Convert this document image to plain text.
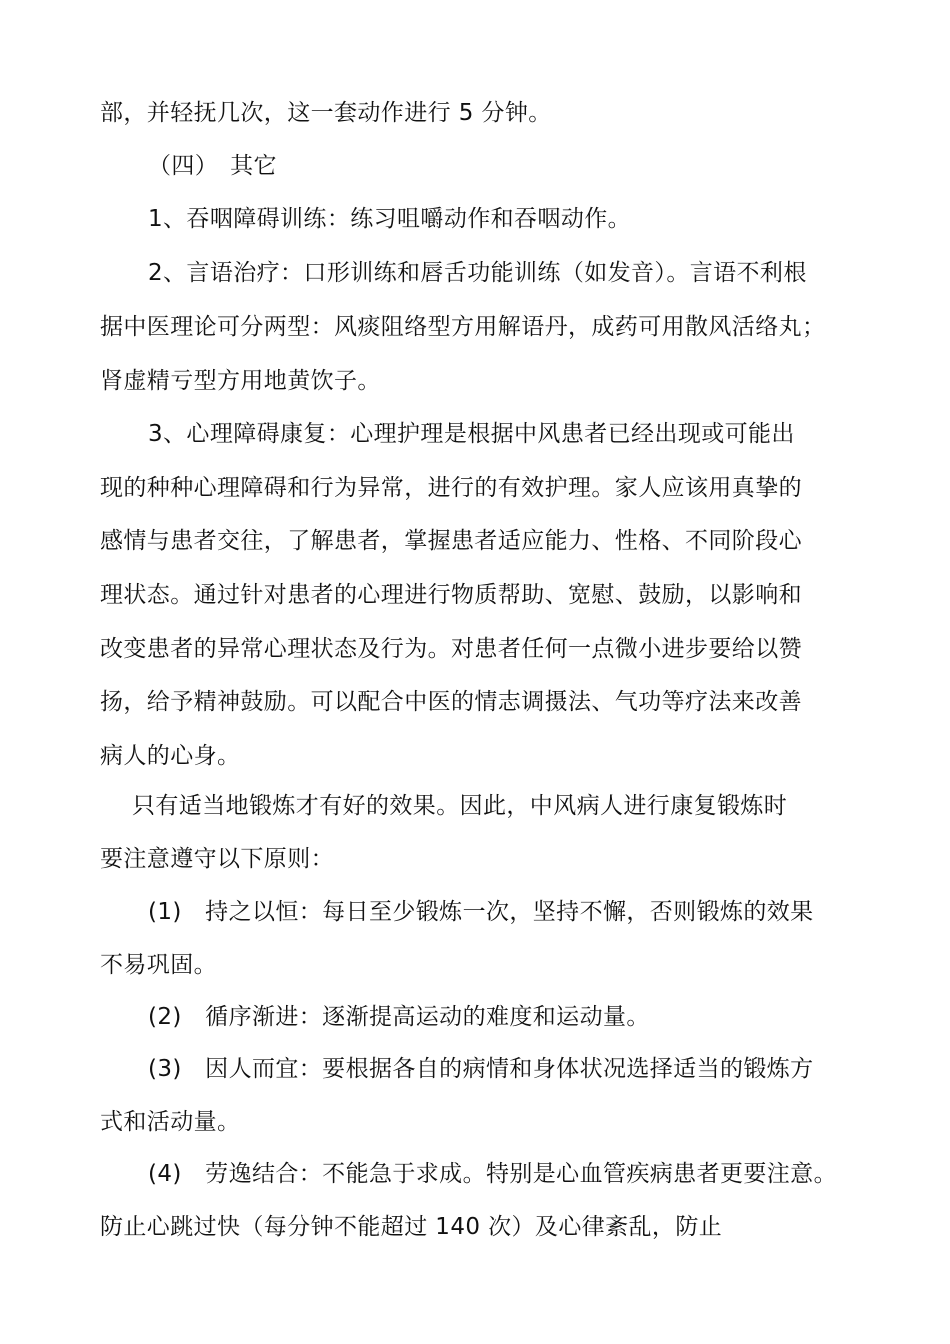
部，并轻抚几次，这一套动作进行 5 分钟。
（四）　其它
1、吞咽障碍训练：练习咀嚼动作和吞咽动作。
2、言语治疗：口形训练和唇舌功能训练（如发音）。言语不利根
据中医理论可分两型：风痰阻络型方用解语丹，成药可用散风活络丸；
肾虚精亏型方用地黄饮子。
3、心理障碍康复：心理护理是根据中风患者已经出现或可能出
现的种种心理障碍和行为异常，进行的有效护理。家人应该用真挚的
感情与患者交往，了解患者，掌握患者适应能力、性格、不同阶段心
理状态。通过针对患者的心理进行物质帮助、宽慰、鼓励，以影响和
改变患者的异常心理状态及行为。对患者任何一点微小进步要给以赞
扬，给予精神鼓励。可以配合中医的情志调摄法、气功等疗法来改善
病人的心身。
只有适当地锻炼才有好的效果。因此，中风病人进行康复锻炼时
要注意遵守以下原则：
(1)　持之以恒：每日至少锻炼一次，坚持不懈，否则锻炼的效果
不易巩固。
(2)　循序渐进：逐渐提高运动的难度和运动量。
(3)　因人而宜：要根据各自的病情和身体状况选择适当的锻炼方
式和活动量。
(4)　劳逸结合：不能急于求成。特别是心血管疾病患者更要注意。
防止心跳过快（每分钟不能超过 140 次）及心律紊乱，防止
